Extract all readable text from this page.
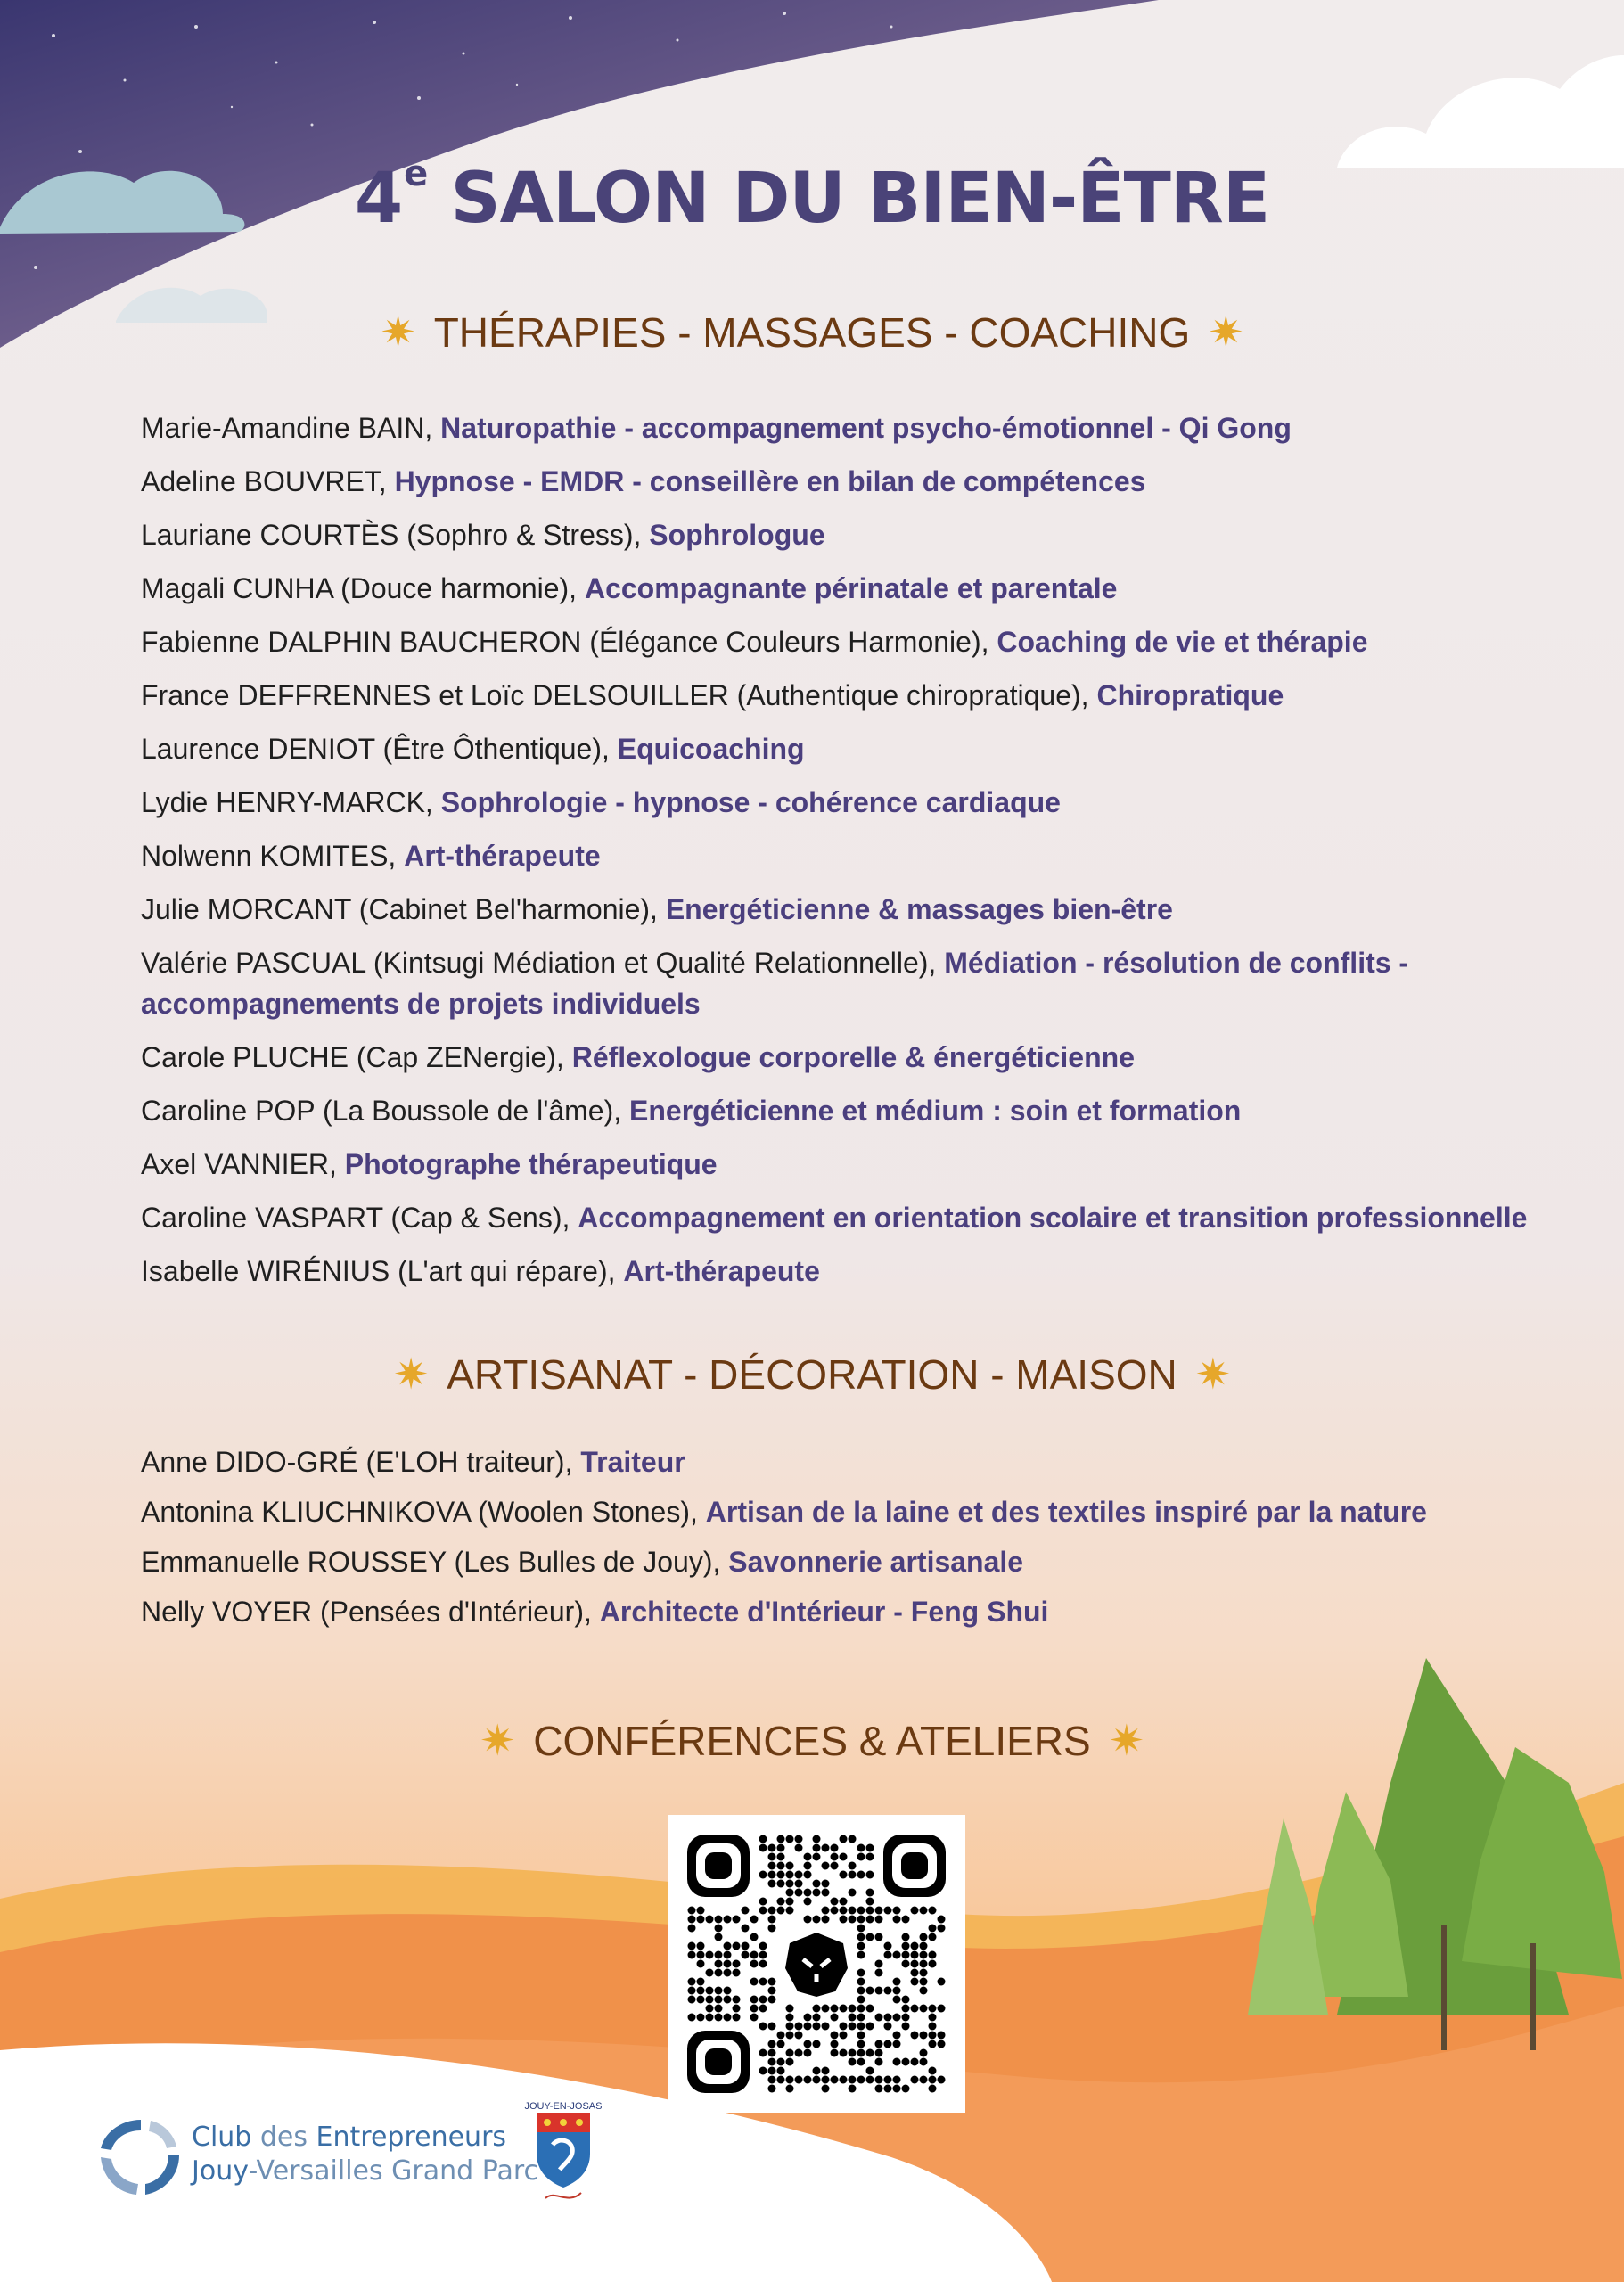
4e SALON DU BIEN-ÊTRE
✷ THÉRAPIES - MASSAGES - COACHING ✷

Marie-Amandine BAIN, Naturopathie - accompagnement psycho-émotionnel - Qi Gong

Adeline BOUVRET, Hypnose - EMDR - conseillère en bilan de compétences

Lauriane COURTÈS (Sophro & Stress), Sophrologue

Magali CUNHA (Douce harmonie), Accompagnante périnatale et parentale

Fabienne DALPHIN BAUCHERON (Élégance Couleurs Harmonie), Coaching de vie et thérapie

France DEFFRENNES et Loïc DELSOUILLER (Authentique chiropratique), Chiropratique

Laurence DENIOT (Être Ôthentique), Equicoaching

Lydie HENRY-MARCK, Sophrologie - hypnose - cohérence cardiaque

Nolwenn KOMITES, Art-thérapeute

Julie MORCANT (Cabinet Bel'harmonie), Energéticienne & massages bien-être

Valérie PASCUAL (Kintsugi Médiation et Qualité Relationnelle), Médiation - résolution de conflits -
accompagnements de projets individuels

Carole PLUCHE (Cap ZENergie), Réflexologue corporelle & énergéticienne

Caroline POP (La Boussole de l'âme), Energéticienne et médium : soin et formation

Axel VANNIER, Photographe thérapeutique

Caroline VASPART (Cap & Sens), Accompagnement en orientation scolaire et transition professionnelle

Isabelle WIRÉNIUS (L'art qui répare), Art-thérapeute

✷ ARTISANAT - DÉCORATION - MAISON ✷

Anne DIDO-GRÉ (E'LOH traiteur), Traiteur

Antonina KLIUCHNIKOVA (Woolen Stones), Artisan de la laine et des textiles inspiré par la nature

Emmanuelle ROUSSEY (Les Bulles de Jouy), Savonnerie artisanale

Nelly VOYER (Pensées d'Intérieur), Architecte d'Intérieur - Feng Shui

✷ CONFÉRENCES & ATELIERS ✷
Club des Entrepreneurs
Jouy-Versailles Grand Parc
JOUY-EN-JOSAS
